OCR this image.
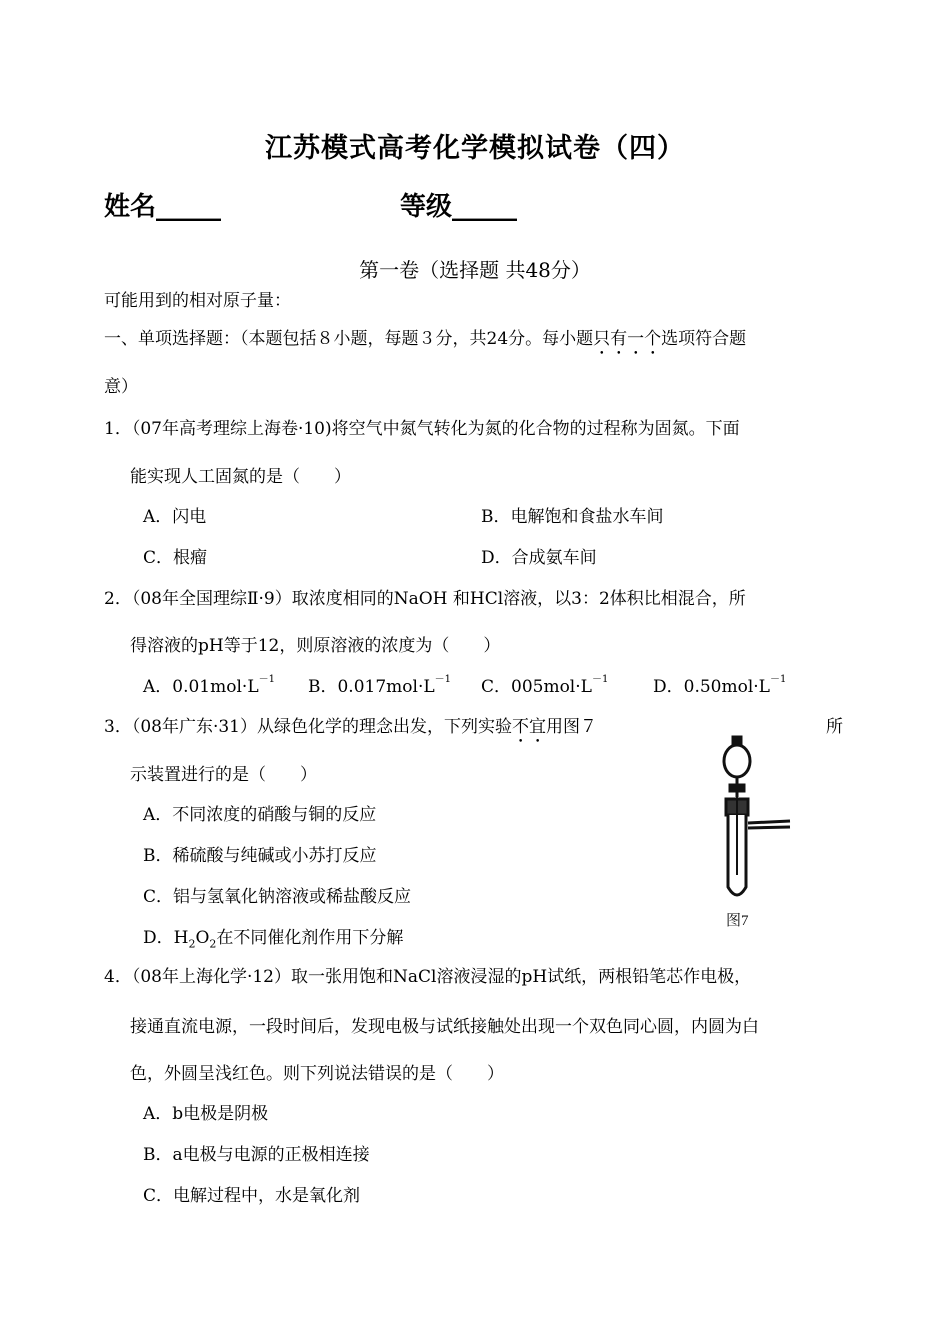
江苏模式高考化学模拟试卷（四）
姓名_____	等级_____
第一卷（选择题 共48分）
可能用到的相对原子量：
一、单项选择题：（本题包括８小题，每题３分，共24分。每小题只有一个选项符合题
意）
1．（07年高考理综上海卷·10)将空气中氮气转化为氮的化合物的过程称为固氮。下面
能实现人工固氮的是（　　）
A．闪电	B．电解饱和食盐水车间
C．根瘤	D．合成氨车间
2．（08年全国理综Ⅱ·9）取浓度相同的NaOH 和HCl溶液，以3：2体积比相混合，所
得溶液的pH等于12，则原溶液的浓度为（　　）
A．$0.01mol\cdot L^{-1}$ B．$0.017mol\cdot L^{-1}$ C．$005mol\cdot L^{-1}$	D．$0.50mol\cdot L^{-1}$
3．（08年广东·31）从绿色化学的理念出发，下列实验不宜用图７	所
示装置进行的是（　　）
A．不同浓度的硝酸与铜的反应
B．稀硫酸与纯碱或小苏打反应
C．铝与氢氧化钠溶液或稀盐酸反应
D．$H_2O_2$在不同催化剂作用下分解
图7
4．（08年上海化学·12）取一张用饱和NaCl溶液浸湿的pH试纸，两根铅笔芯作电极，
接通直流电源，一段时间后，发现电极与试纸接触处出现一个双色同心圆，内圆为白
色，外圆呈浅红色。则下列说法错误的是（　　）
A．b电极是阴极
B．a电极与电源的正极相连接
C．电解过程中，水是氧化剂
